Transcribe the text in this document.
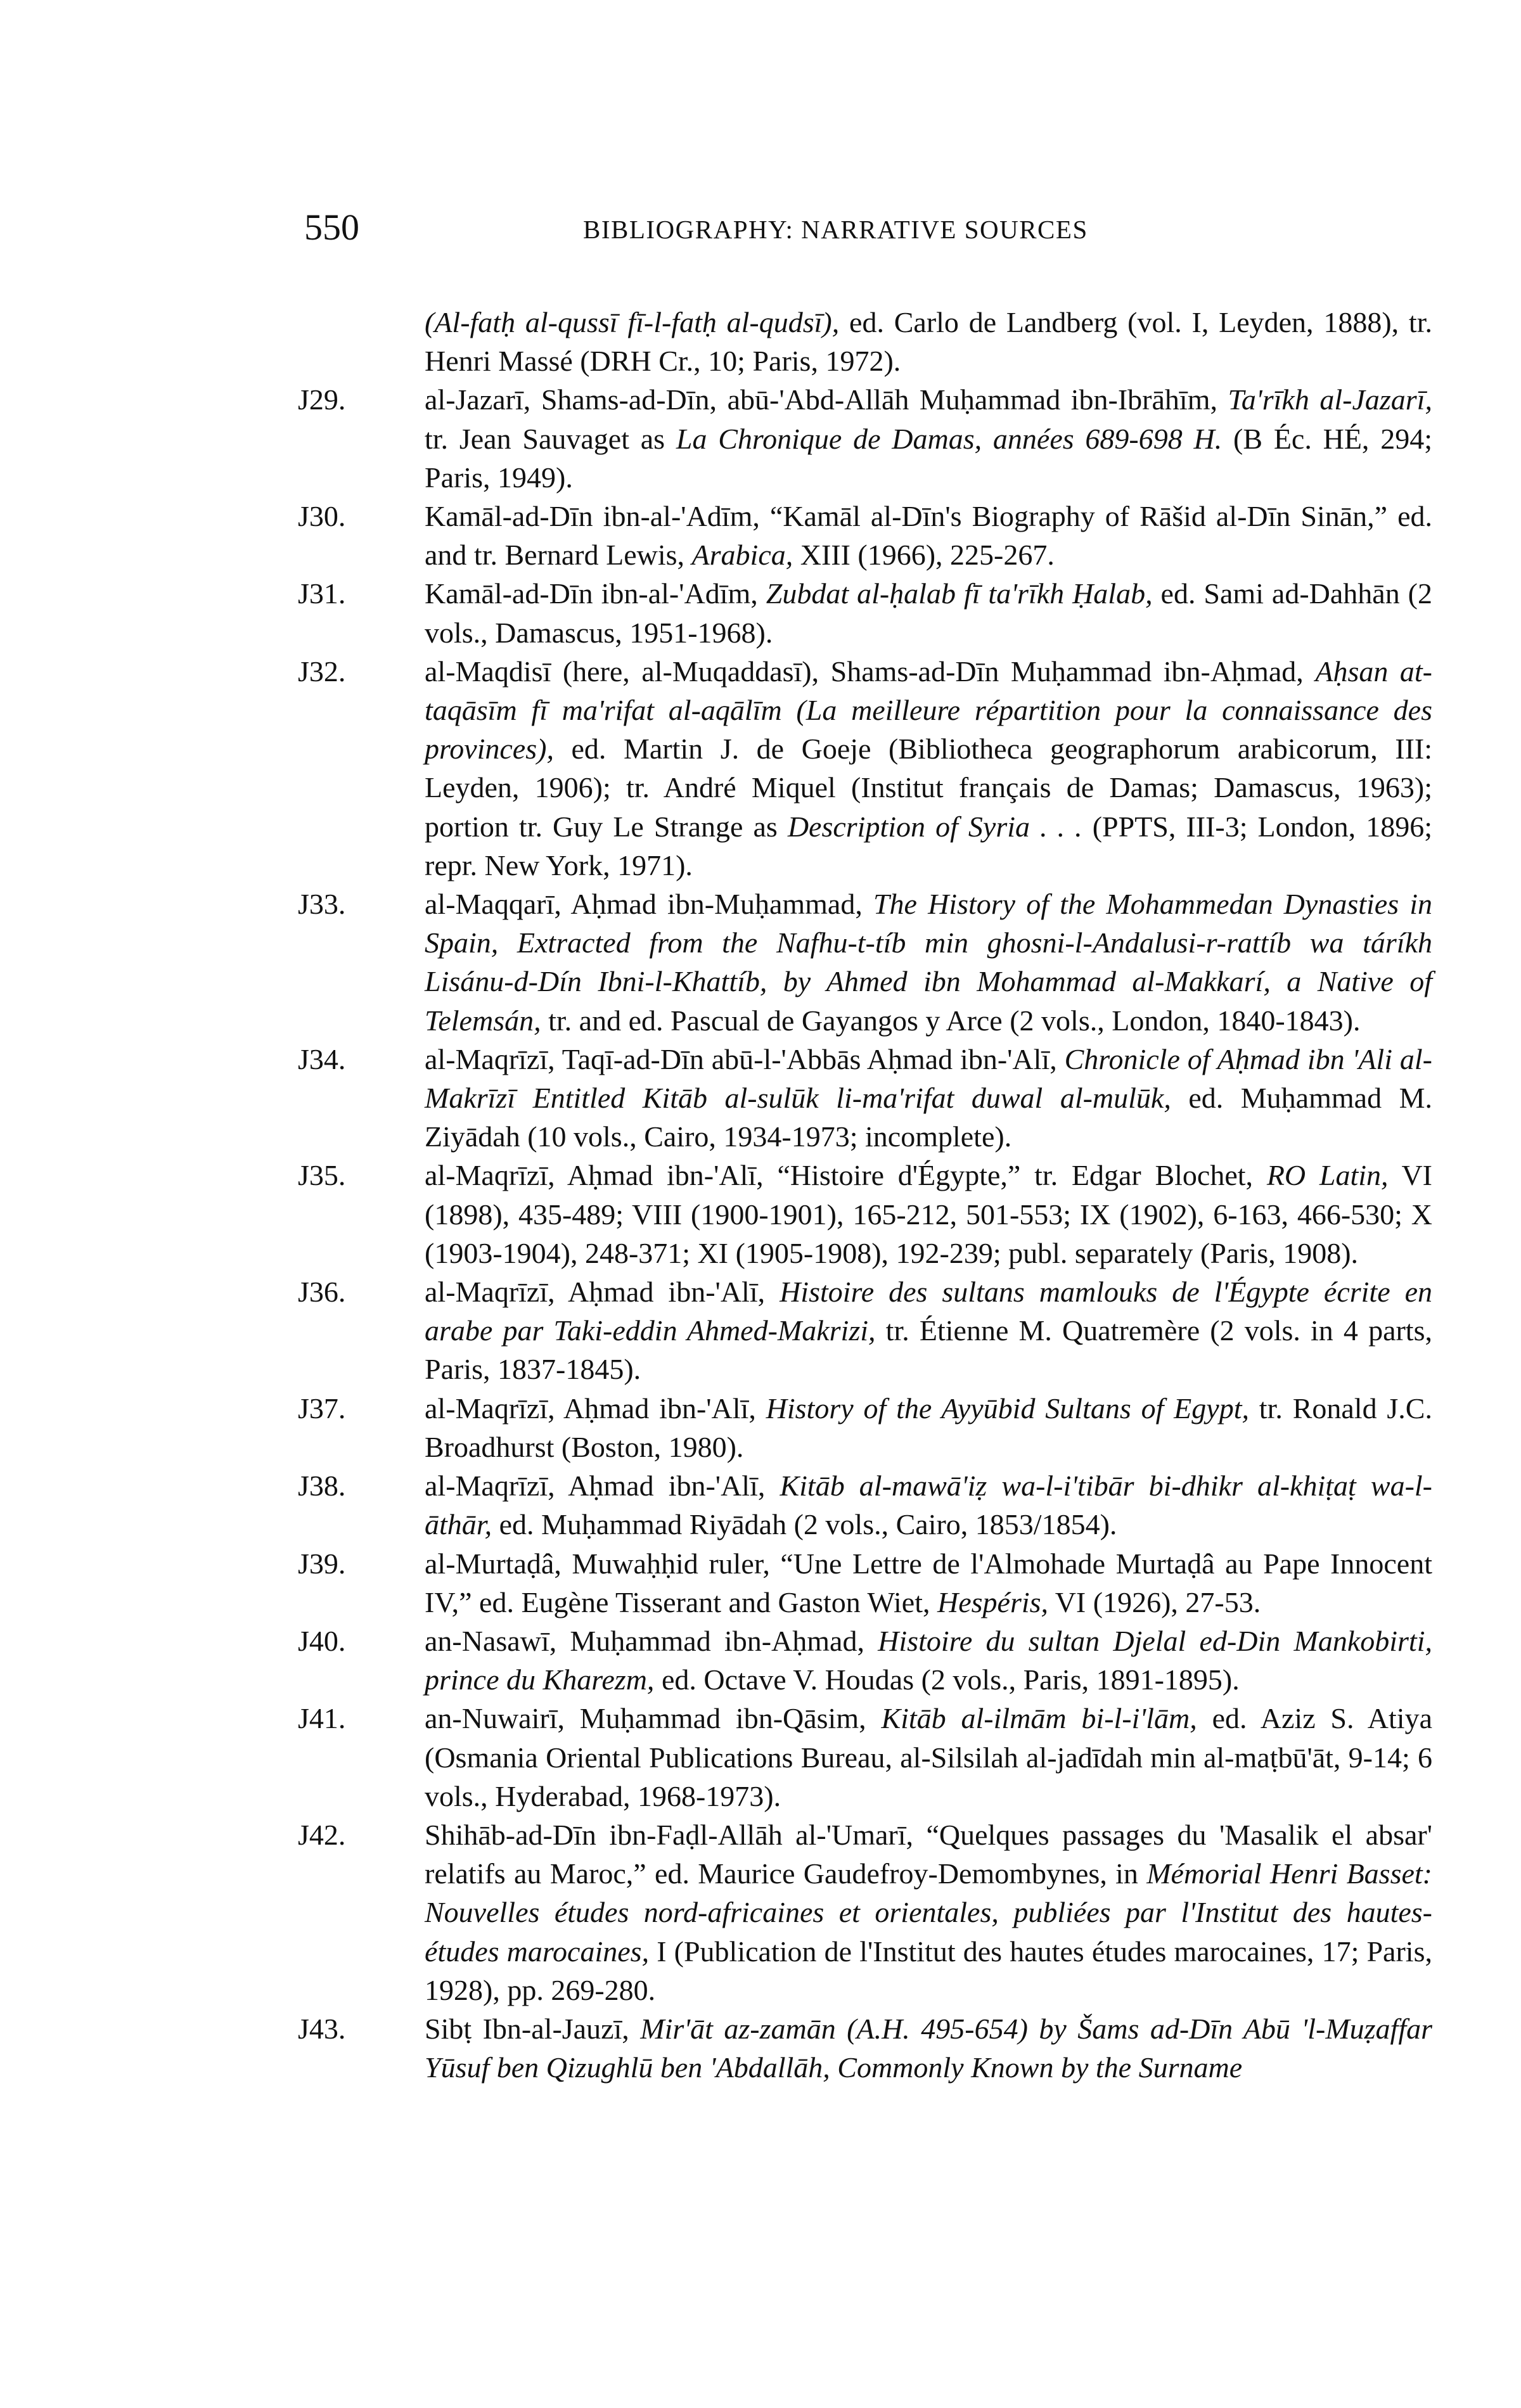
550	BIBLIOGRAPHY: NARRATIVE SOURCES
(Al-fatḥ al-qussī fī-l-fatḥ al-qudsī), ed. Carlo de Landberg (vol. I, Leyden, 1888), tr. Henri Massé (DRH Cr., 10; Paris, 1972).
J29.	al-Jazarī, Shams-ad-Dīn, abū-'Abd-Allāh Muḥammad ibn-Ibrāhīm, Ta'rīkh al-Jazarī, tr. Jean Sauvaget as La Chronique de Damas, années 689-698 H. (B Éc. HÉ, 294; Paris, 1949).
J30.	Kamāl-ad-Dīn ibn-al-'Adīm, “Kamāl al-Dīn's Biography of Rāšid al-Dīn Sinān,” ed. and tr. Bernard Lewis, Arabica, XIII (1966), 225-267.
J31.	Kamāl-ad-Dīn ibn-al-'Adīm, Zubdat al-ḥalab fī ta'rīkh Ḥalab, ed. Sami ad-Dahhān (2 vols., Damascus, 1951-1968).
J32.	al-Maqdisī (here, al-Muqaddasī), Shams-ad-Dīn Muḥammad ibn-Aḥmad, Aḥsan at-taqāsīm fī ma'rifat al-aqālīm (La meilleure répartition pour la connaissance des provinces), ed. Martin J. de Goeje (Bibliotheca geographorum arabicorum, III: Leyden, 1906); tr. André Miquel (Institut français de Damas; Damascus, 1963); portion tr. Guy Le Strange as Description of Syria . . . (PPTS, III-3; London, 1896; repr. New York, 1971).
J33.	al-Maqqarī, Aḥmad ibn-Muḥammad, The History of the Mohammedan Dynasties in Spain, Extracted from the Nafhu-t-tíb min ghosni-l-Andalusi-r-rattíb wa táríkh Lisánu-d-Dín Ibni-l-Khattíb, by Ahmed ibn Mohammad al-Makkarí, a Native of Telemsán, tr. and ed. Pascual de Gayangos y Arce (2 vols., London, 1840-1843).
J34.	al-Maqrīzī, Taqī-ad-Dīn abū-l-'Abbās Aḥmad ibn-'Alī, Chronicle of Aḥmad ibn 'Ali al-Makrīzī Entitled Kitāb al-sulūk li-ma'rifat duwal al-mulūk, ed. Muḥammad M. Ziyādah (10 vols., Cairo, 1934-1973; incomplete).
J35.	al-Maqrīzī, Aḥmad ibn-'Alī, “Histoire d'Égypte,” tr. Edgar Blochet, RO Latin, VI (1898), 435-489; VIII (1900-1901), 165-212, 501-553; IX (1902), 6-163, 466-530; X (1903-1904), 248-371; XI (1905-1908), 192-239; publ. separately (Paris, 1908).
J36.	al-Maqrīzī, Aḥmad ibn-'Alī, Histoire des sultans mamlouks de l'Égypte écrite en arabe par Taki-eddin Ahmed-Makrizi, tr. Étienne M. Quatremère (2 vols. in 4 parts, Paris, 1837-1845).
J37.	al-Maqrīzī, Aḥmad ibn-'Alī, History of the Ayyūbid Sultans of Egypt, tr. Ronald J.C. Broadhurst (Boston, 1980).
J38.	al-Maqrīzī, Aḥmad ibn-'Alī, Kitāb al-mawā'iẓ wa-l-i'tibār bi-dhikr al-khiṭaṭ wa-l-āthār, ed. Muḥammad Riyādah (2 vols., Cairo, 1853/1854).
J39.	al-Murtaḍâ, Muwaḥḥid ruler, “Une Lettre de l'Almohade Murtaḍâ au Pape Innocent IV,” ed. Eugène Tisserant and Gaston Wiet, Hespéris, VI (1926), 27-53.
J40.	an-Nasawī, Muḥammad ibn-Aḥmad, Histoire du sultan Djelal ed-Din Mankobirti, prince du Kharezm, ed. Octave V. Houdas (2 vols., Paris, 1891-1895).
J41.	an-Nuwairī, Muḥammad ibn-Qāsim, Kitāb al-ilmām bi-l-i'lām, ed. Aziz S. Atiya (Osmania Oriental Publications Bureau, al-Silsilah al-jadīdah min al-maṭbū'āt, 9-14; 6 vols., Hyderabad, 1968-1973).
J42.	Shihāb-ad-Dīn ibn-Faḍl-Allāh al-'Umarī, “Quelques passages du 'Masalik el absar' relatifs au Maroc,” ed. Maurice Gaudefroy-Demombynes, in Mémorial Henri Basset: Nouvelles études nord-africaines et orientales, publiées par l'Institut des hautes-études marocaines, I (Publication de l'Institut des hautes études marocaines, 17; Paris, 1928), pp. 269-280.
J43.	Sibṭ Ibn-al-Jauzī, Mir'āt az-zamān (A.H. 495-654) by Šams ad-Dīn Abū 'l-Muẓaffar Yūsuf ben Qizughlū ben 'Abdallāh, Commonly Known by the Surname
